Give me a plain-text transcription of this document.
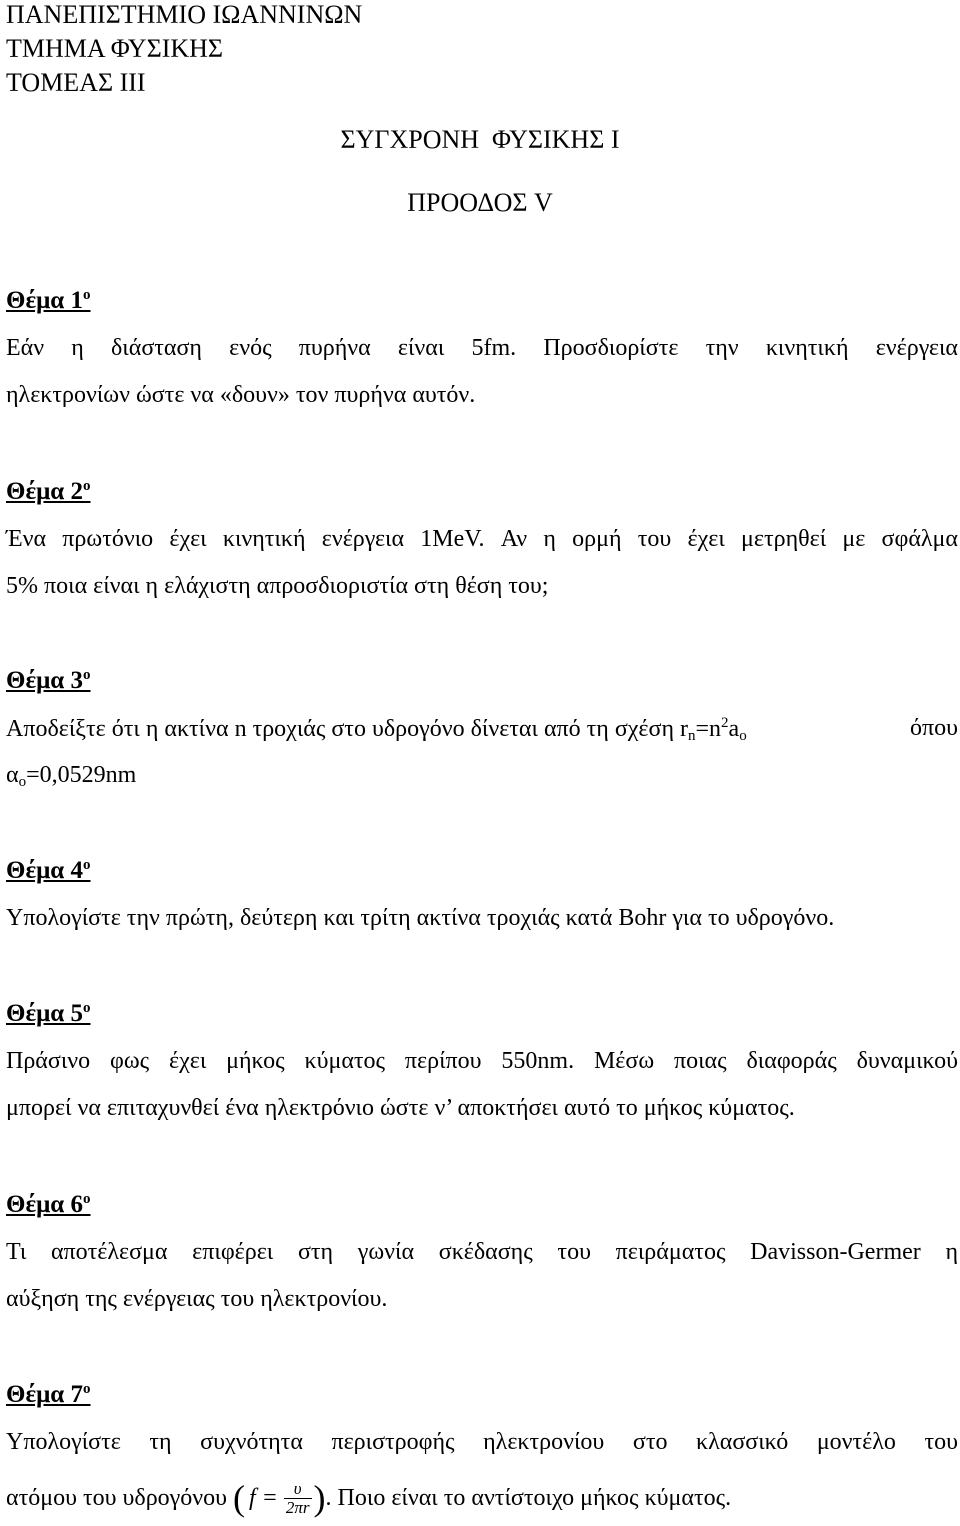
ΠΑΝΕΠΙΣΤΗΜΙΟ ΙΩΑΝΝΙΝΩΝ
ΤΜΗΜΑ ΦΥΣΙΚΗΣ
ΤΟΜΕΑΣ ΙΙΙ
ΣΥΓΧΡΟΝΗ  ΦΥΣΙΚΗΣ Ι
ΠΡΟΟΔΟΣ V
Θέμα $1^o$
Εάν η διάσταση ενός πυρήνα είναι 5fm. Προσδιορίστε την κινητική ενέργεια
ηλεκτρονίων ώστε να «δουν» τον πυρήνα αυτόν.
Θέμα $2^o$
Ένα πρωτόνιο έχει κινητική ενέργεια 1MeV. Αν η ορμή του έχει μετρηθεί με σφάλμα
5% ποια είναι η ελάχιστη απροσδιοριστία στη θέση του;
Θέμα $3^o$
Αποδείξτε ότι η ακτίνα n τροχιάς στο υδρογόνο δίνεται από τη σχέση $r_n=n^2a_o$	όπου
$\alpha_o=0,0529nm$
Θέμα $4^o$
Υπολογίστε την πρώτη, δεύτερη και τρίτη ακτίνα τροχιάς κατά Bohr για το υδρογόνο.
Θέμα $5^o$
Πράσινο φως έχει μήκος κύματος περίπου 550nm. Μέσω ποιας διαφοράς δυναμικού
μπορεί να επιταχυνθεί ένα ηλεκτρόνιο ώστε ν’ αποκτήσει αυτό το μήκος κύματος.
Θέμα $6^o$
Τι αποτέλεσμα επιφέρει στη γωνία σκέδασης του πειράματος Davisson-Germer η
αύξηση της ενέργειας του ηλεκτρονίου.
Θέμα $7^o$
Υπολογίστε τη συχνότητα περιστροφής ηλεκτρονίου στο κλασσικό μοντέλο του
ατόμου του υδρογόνου ( $f = \frac{\upsilon}{2\pi r}$ ) . Ποιο είναι το αντίστοιχο μήκος κύματος.
